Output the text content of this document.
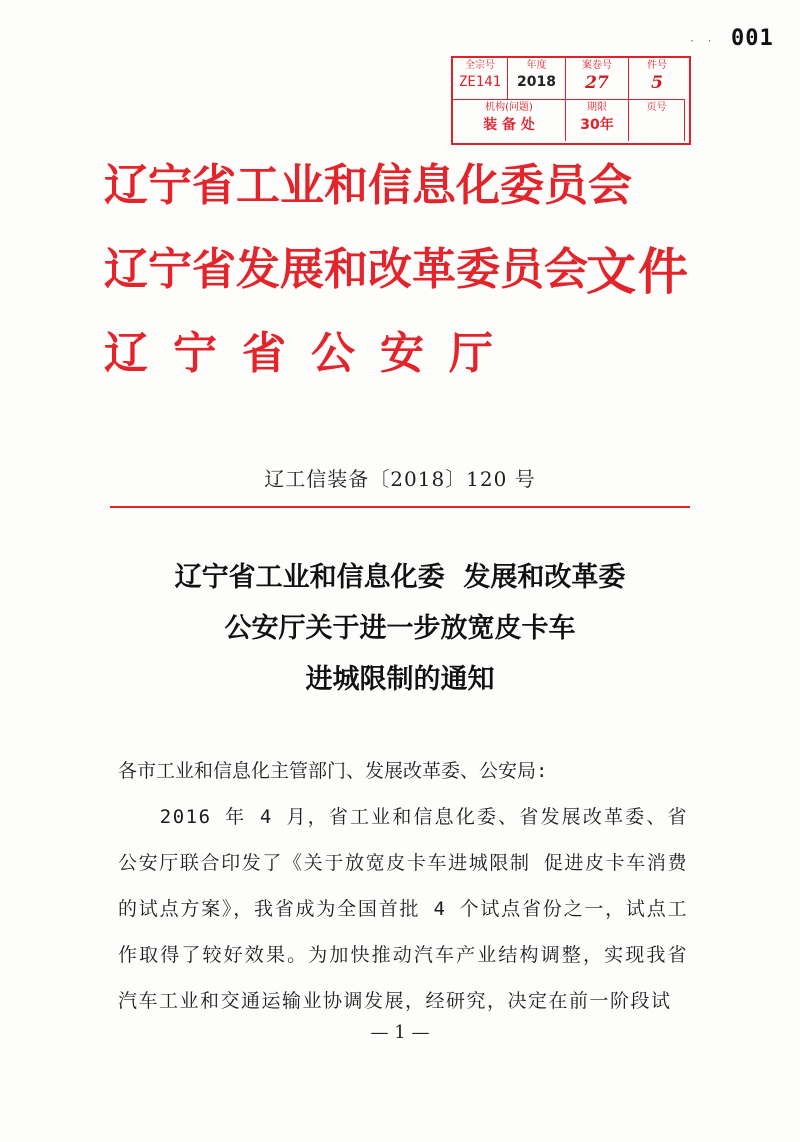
· · 001
全宗号
ZE141
年度
2018
案卷号
27
件号
5
机构(问题)
装 备 处
期限
30年
页号
辽宁省工业和信息化委员会
辽宁省发展和改革委员会
辽宁省公安厅
文件
辽工信装备〔2018〕120 号
辽宁省工业和信息化委  发展和改革委
公安厅关于进一步放宽皮卡车
进城限制的通知

各市工业和信息化主管部门、发展改革委、公安局:

2016 年 4 月，省工业和信息化委、省发展改革委、省公安厅联合印发了《关于放宽皮卡车进城限制 促进皮卡车消费的试点方案》，我省成为全国首批 4 个试点省份之一，试点工作取得了较好效果。为加快推动汽车产业结构调整，实现我省汽车工业和交通运输业协调发展，经研究，决定在前一阶段试

— 1 —
